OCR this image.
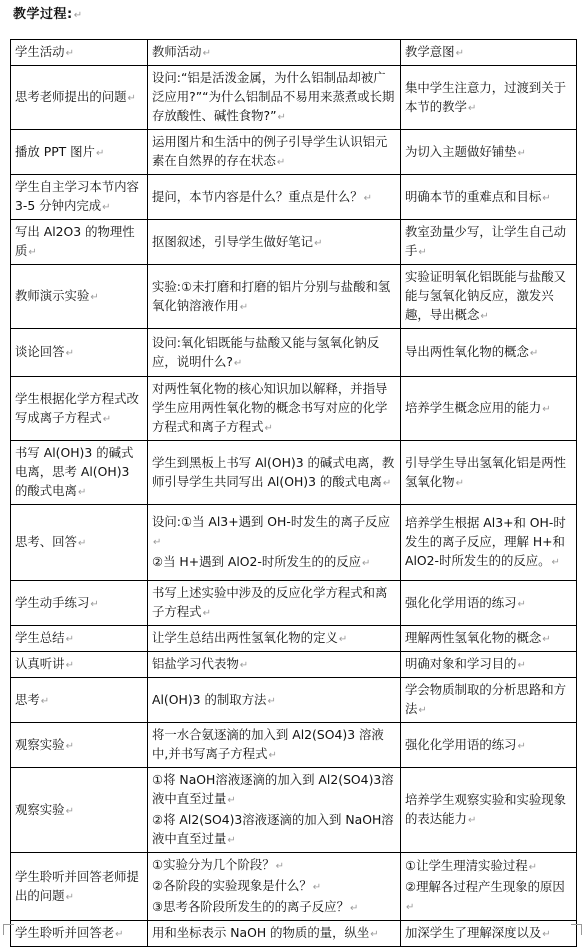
教学过程:↵
学生活动↵	教师活动↵	教学意图↵

思考老师提出的问题↵	设问:“铝是活泼金属，为什么铝制品却被广泛应用?”“为什么铝制品不易用来蒸煮或长期存放酸性、碱性食物?”↵	集中学生注意力，过渡到关于本节的教学↵

播放 PPT 图片↵	运用图片和生活中的例子引导学生认识铝元素在自然界的存在状态↵	为切入主题做好铺垫↵

学生自主学习本节内容 3-5 分钟内完成↵	提问，本节内容是什么？重点是什么？↵	明确本节的重难点和目标↵

写出 Al2O3 的物理性质↵	抠图叙述，引导学生做好笔记↵	教室劲量少写，让学生自己动手↵

教师演示实验↵	实验:①未打磨和打磨的铝片分别与盐酸和氢氧化钠溶液作用↵	实验证明氧化铝既能与盐酸又能与氢氧化钠反应，激发兴趣，导出概念↵

谈论回答↵	设问:氧化铝既能与盐酸又能与氢氧化钠反应，说明什么?↵	导出两性氧化物的概念↵

学生根据化学方程式改写成离子方程式↵	对两性氧化物的核心知识加以解释，并指导学生应用两性氧化物的概念书写对应的化学方程式和离子方程式↵	培养学生概念应用的能力↵

书写 Al(OH)3 的碱式电离，思考 Al(OH)3 的酸式电离↵	学生到黑板上书写 Al(OH)3 的碱式电离，教师引导学生共同写出 Al(OH)3 的酸式电离↵	引导学生导出氢氧化铝是两性氢氧化物↵

思考、回答↵	设问:①当 Al3+遇到 OH-时发生的离子反应↵
②当 H+遇到 AlO2-时所发生的的反应↵	培养学生根据 Al3+和 OH-时发生的离子反应，理解 H+和 AlO2-时所发生的的反应。↵

学生动手练习↵	书写上述实验中涉及的反应化学方程式和离子方程式↵	强化化学用语的练习↵

学生总结↵	让学生总结出两性氢氧化物的定义↵	理解两性氢氧化物的概念↵

认真听讲↵	铝盐学习代表物↵	明确对象和学习目的↵

思考↵	Al(OH)3 的制取方法↵	学会物质制取的分析思路和方法↵

观察实验↵	将一水合氨逐滴的加入到 Al2(SO4)3 溶液中,并书写离子方程式↵	强化化学用语的练习↵

观察实验↵	①将 NaOH溶液逐滴的加入到 Al2(SO4)3溶液中直至过量↵
②将 Al2(SO4)3溶液逐滴的加入到 NaOH溶液中直至过量↵	培养学生观察实验和实验现象的表达能力↵

学生聆听并回答老师提出的问题↵	①实验分为几个阶段？↵
②各阶段的实验现象是什么？↵
③思考各阶段所发生的的离子反应？↵	①让学生理清实验过程↵
②理解各过程产生现象的原因↵

学生聆听并回答老↵	用和坐标表示 NaOH 的物质的量，纵坐↵	加深学生了理解深度以及↵
